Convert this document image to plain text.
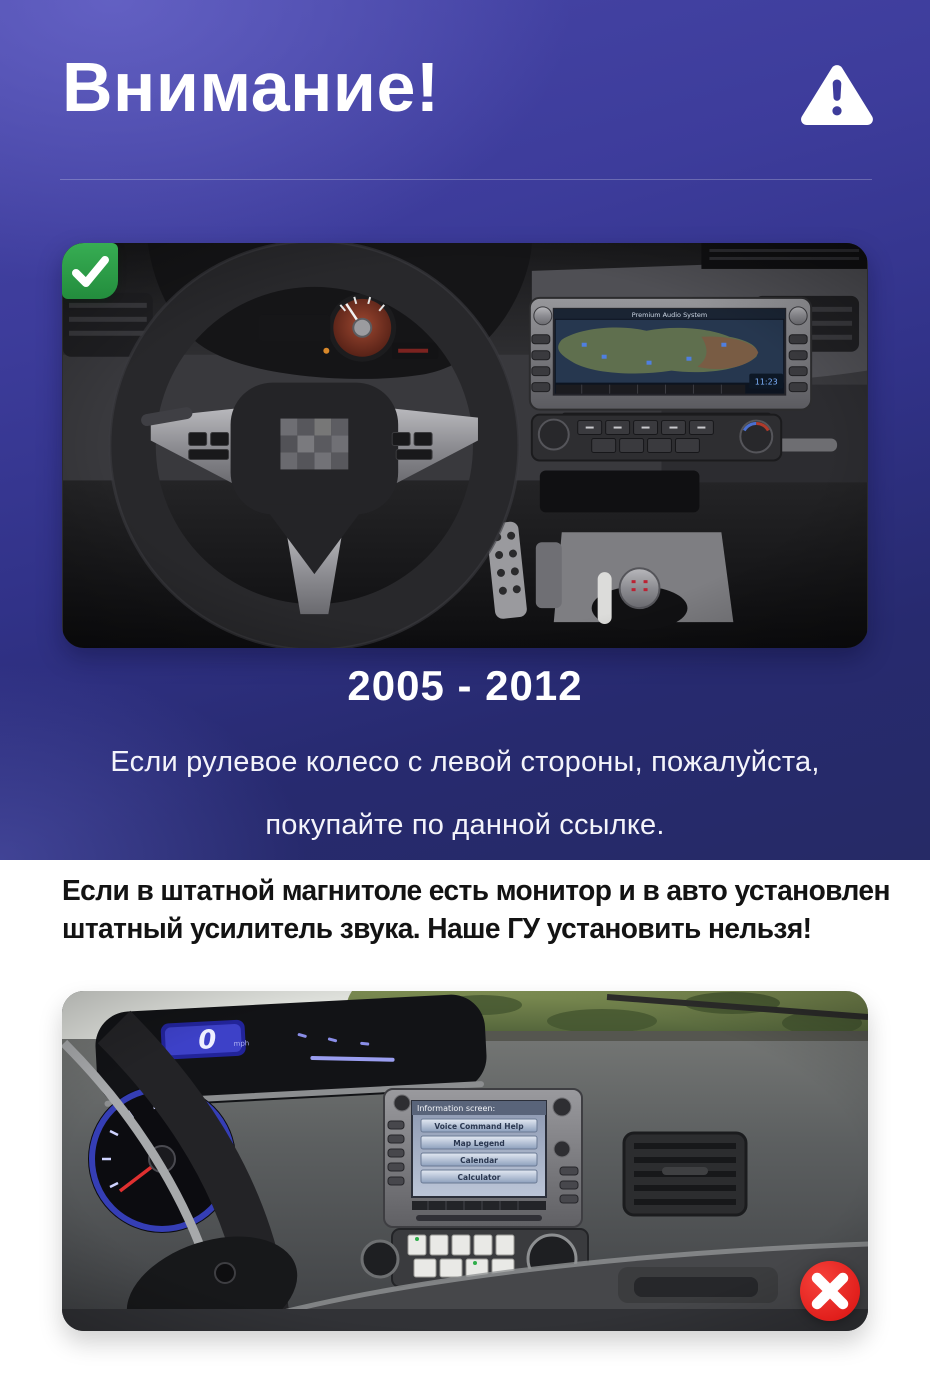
Внимание!

2005 - 2012

Если рулевое колесо с левой стороны, пожалуйста,
покупайте по данной ссылке.
Если в штатной магнитоле есть монитор и в авто установлен
штатный усилитель звука. Наше ГУ установить нельзя!
